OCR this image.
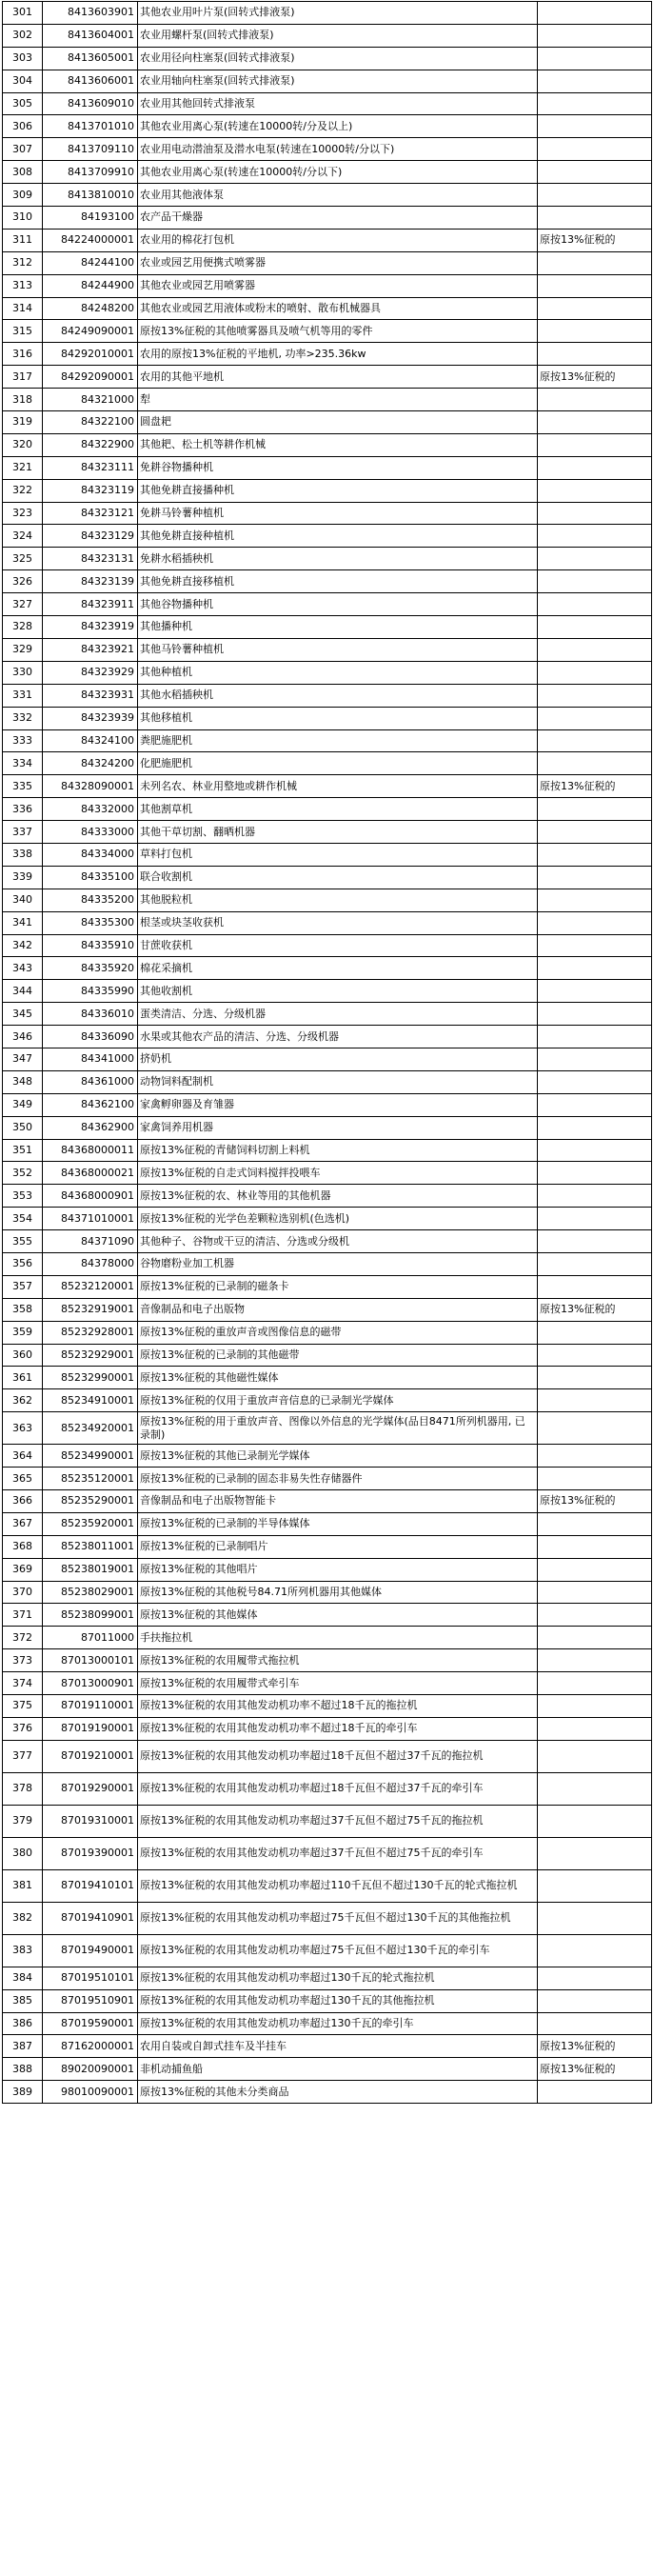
301	8413603901	其他农业用叶片泵(回转式排液泵)	
302	8413604001	农业用螺杆泵(回转式排液泵)	
303	8413605001	农业用径向柱塞泵(回转式排液泵)	
304	8413606001	农业用轴向柱塞泵(回转式排液泵)	
305	8413609010	农业用其他回转式排液泵	
306	8413701010	其他农业用离心泵(转速在10000转/分及以上)	
307	8413709110	农业用电动潜油泵及潜水电泵(转速在10000转/分以下)	
308	8413709910	其他农业用离心泵(转速在10000转/分以下)	
309	8413810010	农业用其他液体泵	
310	84193100	农产品干燥器	
311	84224000001	农业用的棉花打包机	原按13%征税的
312	84244100	农业或园艺用便携式喷雾器	
313	84244900	其他农业或园艺用喷雾器	
314	84248200	其他农业或园艺用液体或粉末的喷射、散布机械器具	
315	84249090001	原按13%征税的其他喷雾器具及喷气机等用的零件	
316	84292010001	农用的原按13%征税的平地机, 功率>235.36kw	
317	84292090001	农用的其他平地机	原按13%征税的
318	84321000	犁	
319	84322100	圆盘耙	
320	84322900	其他耙、松土机等耕作机械	
321	84323111	免耕谷物播种机	
322	84323119	其他免耕直接播种机	
323	84323121	免耕马铃薯种植机	
324	84323129	其他免耕直接种植机	
325	84323131	免耕水稻插秧机	
326	84323139	其他免耕直接移植机	
327	84323911	其他谷物播种机	
328	84323919	其他播种机	
329	84323921	其他马铃薯种植机	
330	84323929	其他种植机	
331	84323931	其他水稻插秧机	
332	84323939	其他移植机	
333	84324100	粪肥施肥机	
334	84324200	化肥施肥机	
335	84328090001	未列名农、林业用整地或耕作机械	原按13%征税的
336	84332000	其他割草机	
337	84333000	其他干草切割、翻晒机器	
338	84334000	草料打包机	
339	84335100	联合收割机	
340	84335200	其他脱粒机	
341	84335300	根茎或块茎收获机	
342	84335910	甘蔗收获机	
343	84335920	棉花采摘机	
344	84335990	其他收割机	
345	84336010	蛋类清洁、分选、分级机器	
346	84336090	水果或其他农产品的清洁、分选、分级机器	
347	84341000	挤奶机	
348	84361000	动物饲料配制机	
349	84362100	家禽孵卵器及育雏器	
350	84362900	家禽饲养用机器	
351	84368000011	原按13%征税的青储饲料切割上料机	
352	84368000021	原按13%征税的自走式饲料搅拌投喂车	
353	84368000901	原按13%征税的农、林业等用的其他机器	
354	84371010001	原按13%征税的光学色差颗粒选别机(色选机)	
355	84371090	其他种子、谷物或干豆的清洁、分选或分级机	
356	84378000	谷物磨粉业加工机器	
357	85232120001	原按13%征税的已录制的磁条卡	
358	85232919001	音像制品和电子出版物	原按13%征税的
359	85232928001	原按13%征税的重放声音或图像信息的磁带	
360	85232929001	原按13%征税的已录制的其他磁带	
361	85232990001	原按13%征税的其他磁性媒体	
362	85234910001	原按13%征税的仅用于重放声音信息的已录制光学媒体	
363	85234920001	原按13%征税的用于重放声音、图像以外信息的光学媒体(品目8471所列机器用, 已录制)	
364	85234990001	原按13%征税的其他已录制光学媒体	
365	85235120001	原按13%征税的已录制的固态非易失性存储器件	
366	85235290001	音像制品和电子出版物智能卡	原按13%征税的
367	85235920001	原按13%征税的已录制的半导体媒体	
368	85238011001	原按13%征税的已录制唱片	
369	85238019001	原按13%征税的其他唱片	
370	85238029001	原按13%征税的其他税号84.71所列机器用其他媒体	
371	85238099001	原按13%征税的其他媒体	
372	87011000	手扶拖拉机	
373	87013000101	原按13%征税的农用履带式拖拉机	
374	87013000901	原按13%征税的农用履带式牵引车	
375	87019110001	原按13%征税的农用其他发动机功率不超过18千瓦的拖拉机	
376	87019190001	原按13%征税的农用其他发动机功率不超过18千瓦的牵引车	
377	87019210001	原按13%征税的农用其他发动机功率超过18千瓦但不超过37千瓦的拖拉机	
378	87019290001	原按13%征税的农用其他发动机功率超过18千瓦但不超过37千瓦的牵引车	
379	87019310001	原按13%征税的农用其他发动机功率超过37千瓦但不超过75千瓦的拖拉机	
380	87019390001	原按13%征税的农用其他发动机功率超过37千瓦但不超过75千瓦的牵引车	
381	87019410101	原按13%征税的农用其他发动机功率超过110千瓦但不超过130千瓦的轮式拖拉机	
382	87019410901	原按13%征税的农用其他发动机功率超过75千瓦但不超过130千瓦的其他拖拉机	
383	87019490001	原按13%征税的农用其他发动机功率超过75千瓦但不超过130千瓦的牵引车	
384	87019510101	原按13%征税的农用其他发动机功率超过130千瓦的轮式拖拉机	
385	87019510901	原按13%征税的农用其他发动机功率超过130千瓦的其他拖拉机	
386	87019590001	原按13%征税的农用其他发动机功率超过130千瓦的牵引车	
387	87162000001	农用自装或自卸式挂车及半挂车	原按13%征税的
388	89020090001	非机动捕鱼船	原按13%征税的
389	98010090001	原按13%征税的其他未分类商品	
